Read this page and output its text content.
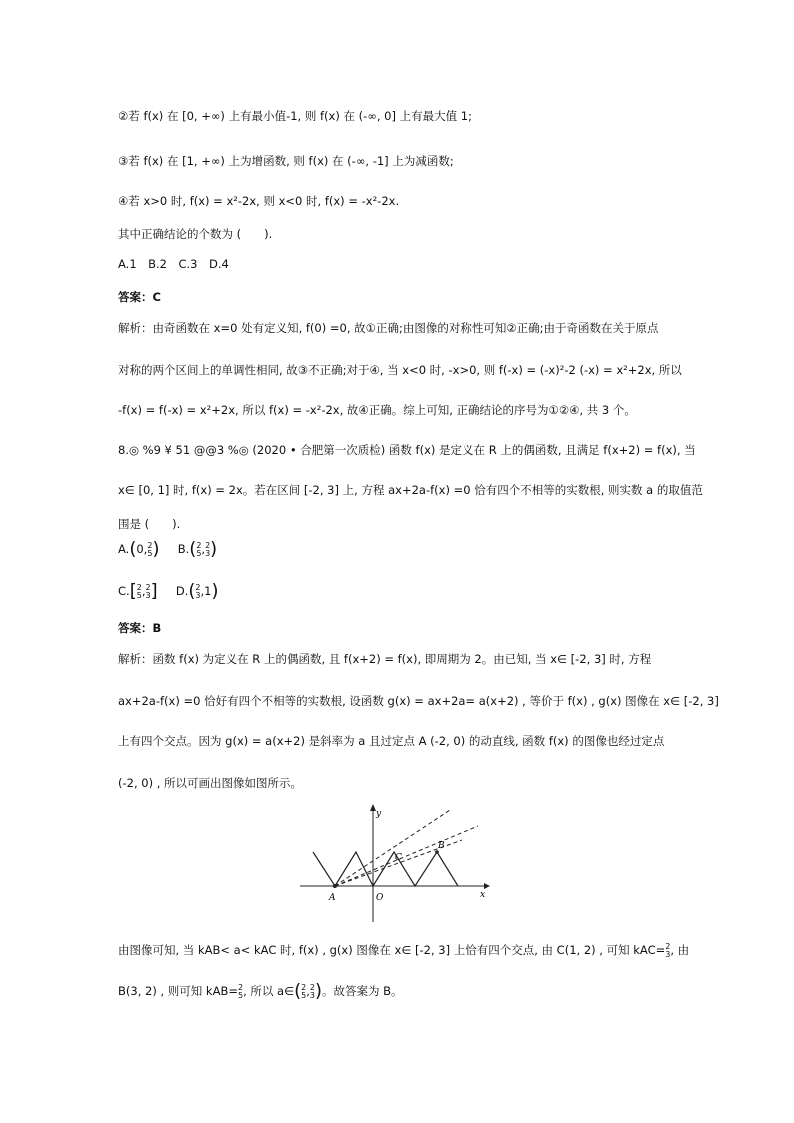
②若 f(x) 在 [0, +∞) 上有最小值-1, 则 f(x) 在 (-∞, 0] 上有最大值 1;
③若 f(x) 在 [1, +∞) 上为增函数, 则 f(x) 在 (-∞, -1] 上为减函数;
④若 x>0 时, f(x) = x²-2x, 则 x<0 时, f(x) = -x²-2x.
其中正确结论的个数为 (　　).
A.1　B.2　C.3　D.4
答案：C
解析：由奇函数在 x=0 处有定义知, f(0) =0, 故①正确;由图像的对称性可知②正确;由于奇函数在关于原点
对称的两个区间上的单调性相同, 故③不正确;对于④, 当 x<0 时, -x>0, 则 f(-x) = (-x)²-2 (-x) = x²+2x, 所以
-f(x) = f(-x) = x²+2x, 所以 f(x) = -x²-2x, 故④正确。综上可知, 正确结论的序号为①②④, 共 3 个。
8.◎ %9 ¥ 51 @@3 %◎ (2020 • 合肥第一次质检) 函数 f(x) 是定义在 R 上的偶函数, 且满足 f(x+2) = f(x), 当
x∈ [0, 1] 时, f(x) = 2x。若在区间 [-2, 3] 上, 方程 ax+2a-f(x) =0 恰有四个不相等的实数根, 则实数 a 的取值范
围是 (　　).
A.(0, 2
5 ) B.( 2
5 , 2
3 )
C.[ 2
5 , 2
3 ] D.( 2
3 ,1)
答案：B
解析：函数 f(x) 为定义在 R 上的偶函数, 且 f(x+2) = f(x), 即周期为 2。由已知, 当 x∈ [-2, 3] 时, 方程
ax+2a-f(x) =0 恰好有四个不相等的实数根, 设函数 g(x) = ax+2a= a(x+2) , 等价于 f(x) , g(x) 图像在 x∈ [-2, 3]
上有四个交点。因为 g(x) = a(x+2) 是斜率为 a 且过定点 A (-2, 0) 的动直线, 函数 f(x) 的图像也经过定点
(-2, 0) , 所以可画出图像如图所示。
y
x
O
A
B
C
由图像可知, 当 kAB< a< kAC 时, f(x) , g(x) 图像在 x∈ [-2, 3] 上恰有四个交点, 由 C(1, 2) , 可知 kAC= 2
3 , 由
B(3, 2) , 则可知 kAB= 2
5 , 所以 a∈( 2
5 , 2
3 )。故答案为 B。
